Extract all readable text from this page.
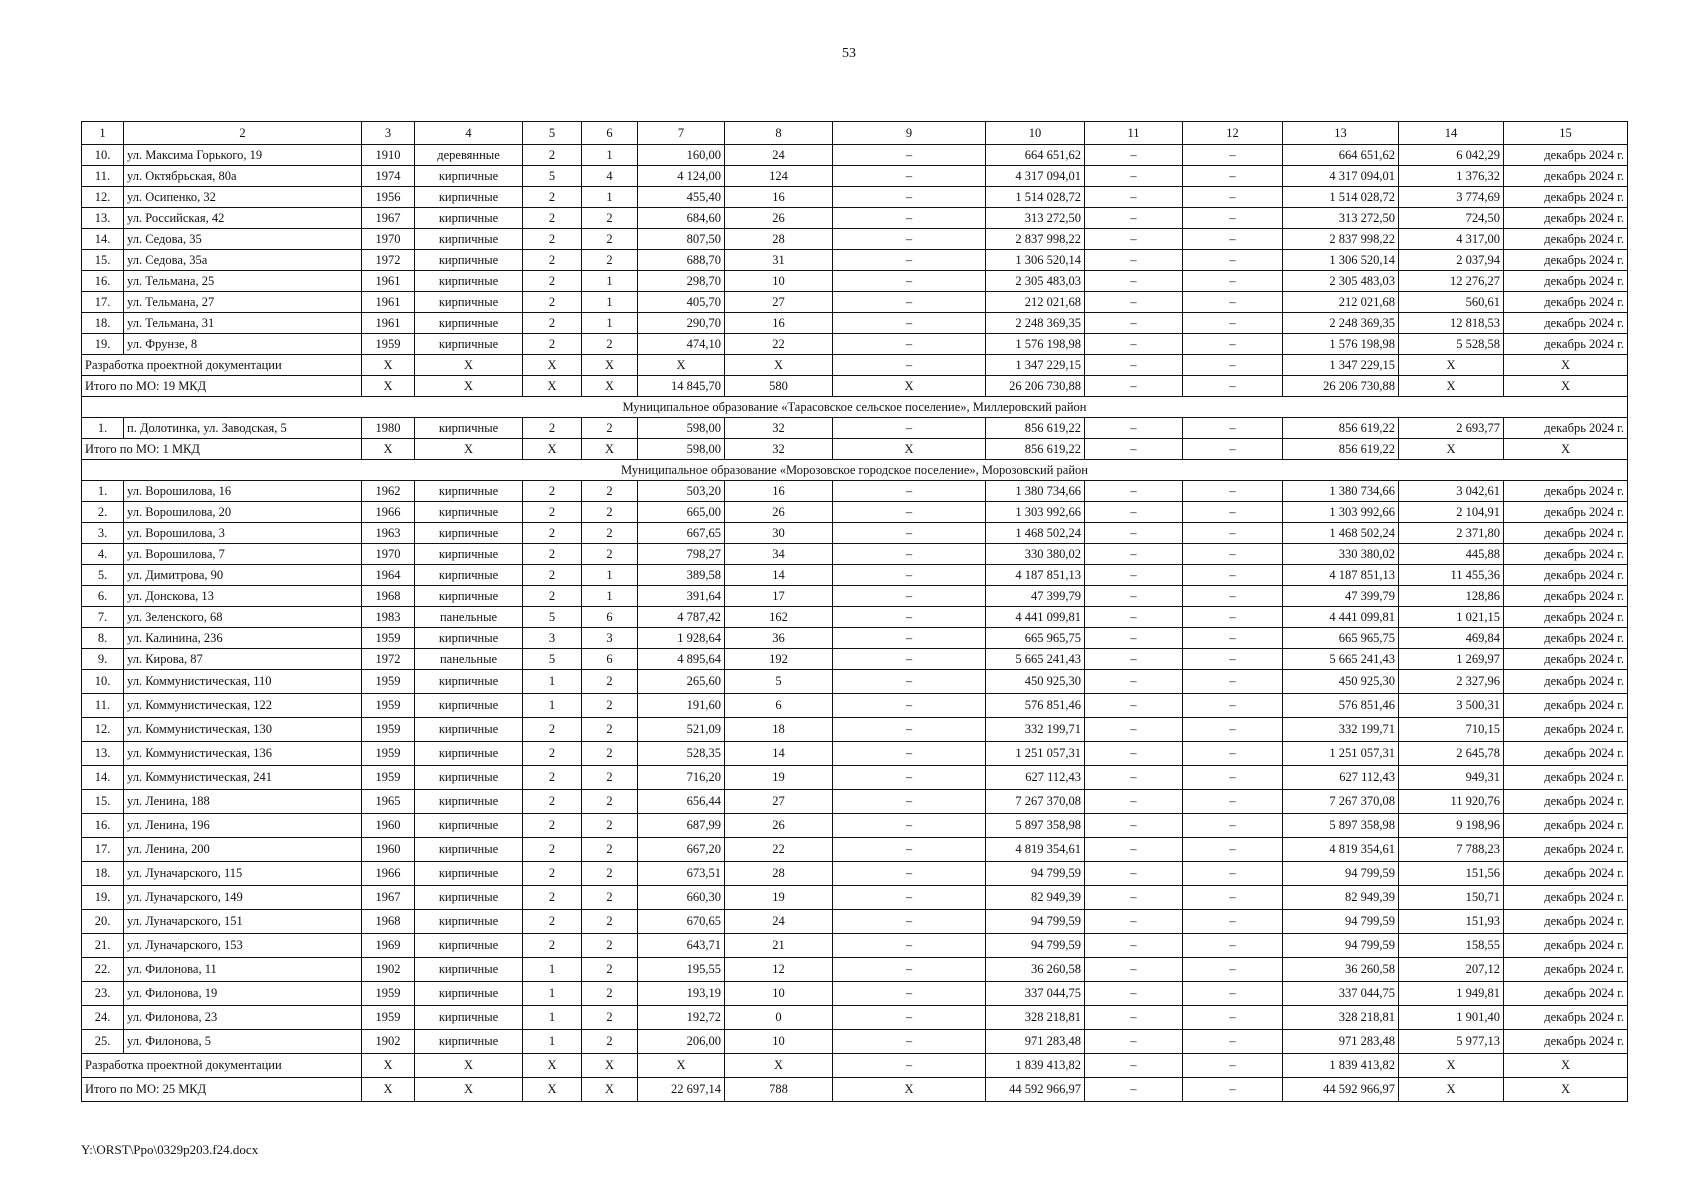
53
1	2	3	4	5	6	7	8	9	10	11	12	13	14	15
10.	ул. Максима Горького, 19	1910	деревянные	2	1	160,00	24	–	664 651,62	–	–	664 651,62	6 042,29	декабрь 2024 г.
11.	ул. Октябрьская, 80а	1974	кирпичные	5	4	4 124,00	124	–	4 317 094,01	–	–	4 317 094,01	1 376,32	декабрь 2024 г.
12.	ул. Осипенко, 32	1956	кирпичные	2	1	455,40	16	–	1 514 028,72	–	–	1 514 028,72	3 774,69	декабрь 2024 г.
13.	ул. Российская, 42	1967	кирпичные	2	2	684,60	26	–	313 272,50	–	–	313 272,50	724,50	декабрь 2024 г.
14.	ул. Седова, 35	1970	кирпичные	2	2	807,50	28	–	2 837 998,22	–	–	2 837 998,22	4 317,00	декабрь 2024 г.
15.	ул. Седова, 35а	1972	кирпичные	2	2	688,70	31	–	1 306 520,14	–	–	1 306 520,14	2 037,94	декабрь 2024 г.
16.	ул. Тельмана, 25	1961	кирпичные	2	1	298,70	10	–	2 305 483,03	–	–	2 305 483,03	12 276,27	декабрь 2024 г.
17.	ул. Тельмана, 27	1961	кирпичные	2	1	405,70	27	–	212 021,68	–	–	212 021,68	560,61	декабрь 2024 г.
18.	ул. Тельмана, 31	1961	кирпичные	2	1	290,70	16	–	2 248 369,35	–	–	2 248 369,35	12 818,53	декабрь 2024 г.
19.	ул. Фрунзе, 8	1959	кирпичные	2	2	474,10	22	–	1 576 198,98	–	–	1 576 198,98	5 528,58	декабрь 2024 г.
Разработка проектной документации		Х	Х	Х	Х	Х	Х	–	1 347 229,15	–	–	1 347 229,15	Х	Х
Итого по МО: 19 МКД		Х	Х	Х	Х	14 845,70	580	Х	26 206 730,88	–	–	26 206 730,88	Х	Х
Муниципальное образование «Тарасовское сельское поселение», Миллеровский район														
1.	п. Долотинка, ул. Заводская, 5	1980	кирпичные	2	2	598,00	32	–	856 619,22	–	–	856 619,22	2 693,77	декабрь 2024 г.
Итого по МО: 1 МКД		Х	Х	Х	Х	598,00	32	Х	856 619,22	–	–	856 619,22	Х	Х
Муниципальное образование «Морозовское городское поселение», Морозовский район														
1.	ул. Ворошилова, 16	1962	кирпичные	2	2	503,20	16	–	1 380 734,66	–	–	1 380 734,66	3 042,61	декабрь 2024 г.
2.	ул. Ворошилова, 20	1966	кирпичные	2	2	665,00	26	–	1 303 992,66	–	–	1 303 992,66	2 104,91	декабрь 2024 г.
3.	ул. Ворошилова, 3	1963	кирпичные	2	2	667,65	30	–	1 468 502,24	–	–	1 468 502,24	2 371,80	декабрь 2024 г.
4.	ул. Ворошилова, 7	1970	кирпичные	2	2	798,27	34	–	330 380,02	–	–	330 380,02	445,88	декабрь 2024 г.
5.	ул. Димитрова, 90	1964	кирпичные	2	1	389,58	14	–	4 187 851,13	–	–	4 187 851,13	11 455,36	декабрь 2024 г.
6.	ул. Донскова, 13	1968	кирпичные	2	1	391,64	17	–	47 399,79	–	–	47 399,79	128,86	декабрь 2024 г.
7.	ул. Зеленского, 68	1983	панельные	5	6	4 787,42	162	–	4 441 099,81	–	–	4 441 099,81	1 021,15	декабрь 2024 г.
8.	ул. Калинина, 236	1959	кирпичные	3	3	1 928,64	36	–	665 965,75	–	–	665 965,75	469,84	декабрь 2024 г.
9.	ул. Кирова, 87	1972	панельные	5	6	4 895,64	192	–	5 665 241,43	–	–	5 665 241,43	1 269,97	декабрь 2024 г.
10.	ул. Коммунистическая, 110	1959	кирпичные	1	2	265,60	5	–	450 925,30	–	–	450 925,30	2 327,96	декабрь 2024 г.
11.	ул. Коммунистическая, 122	1959	кирпичные	1	2	191,60	6	–	576 851,46	–	–	576 851,46	3 500,31	декабрь 2024 г.
12.	ул. Коммунистическая, 130	1959	кирпичные	2	2	521,09	18	–	332 199,71	–	–	332 199,71	710,15	декабрь 2024 г.
13.	ул. Коммунистическая, 136	1959	кирпичные	2	2	528,35	14	–	1 251 057,31	–	–	1 251 057,31	2 645,78	декабрь 2024 г.
14.	ул. Коммунистическая, 241	1959	кирпичные	2	2	716,20	19	–	627 112,43	–	–	627 112,43	949,31	декабрь 2024 г.
15.	ул. Ленина, 188	1965	кирпичные	2	2	656,44	27	–	7 267 370,08	–	–	7 267 370,08	11 920,76	декабрь 2024 г.
16.	ул. Ленина, 196	1960	кирпичные	2	2	687,99	26	–	5 897 358,98	–	–	5 897 358,98	9 198,96	декабрь 2024 г.
17.	ул. Ленина, 200	1960	кирпичные	2	2	667,20	22	–	4 819 354,61	–	–	4 819 354,61	7 788,23	декабрь 2024 г.
18.	ул. Луначарского, 115	1966	кирпичные	2	2	673,51	28	–	94 799,59	–	–	94 799,59	151,56	декабрь 2024 г.
19.	ул. Луначарского, 149	1967	кирпичные	2	2	660,30	19	–	82 949,39	–	–	82 949,39	150,71	декабрь 2024 г.
20.	ул. Луначарского, 151	1968	кирпичные	2	2	670,65	24	–	94 799,59	–	–	94 799,59	151,93	декабрь 2024 г.
21.	ул. Луначарского, 153	1969	кирпичные	2	2	643,71	21	–	94 799,59	–	–	94 799,59	158,55	декабрь 2024 г.
22.	ул. Филонова, 11	1902	кирпичные	1	2	195,55	12	–	36 260,58	–	–	36 260,58	207,12	декабрь 2024 г.
23.	ул. Филонова, 19	1959	кирпичные	1	2	193,19	10	–	337 044,75	–	–	337 044,75	1 949,81	декабрь 2024 г.
24.	ул. Филонова, 23	1959	кирпичные	1	2	192,72	0	–	328 218,81	–	–	328 218,81	1 901,40	декабрь 2024 г.
25.	ул. Филонова, 5	1902	кирпичные	1	2	206,00	10	–	971 283,48	–	–	971 283,48	5 977,13	декабрь 2024 г.
Разработка проектной документации		Х	Х	Х	Х	Х	Х	–	1 839 413,82	–	–	1 839 413,82	Х	Х
Итого по МО: 25 МКД		Х	Х	Х	Х	22 697,14	788	Х	44 592 966,97	–	–	44 592 966,97	Х	Х
Y:\ORST\Ppo\0329p203.f24.docx
